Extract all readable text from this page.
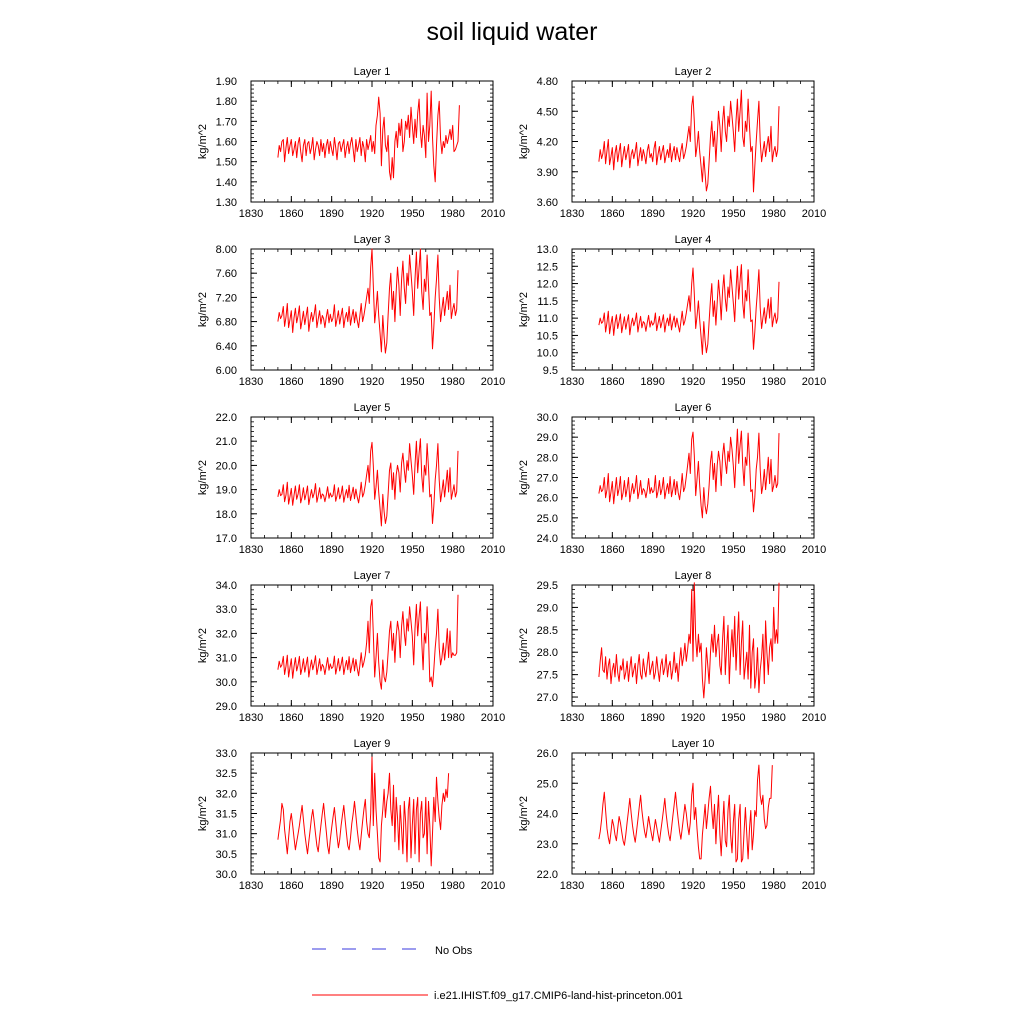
soil liquid water
Layer 1
kg/m^2
1830 1860 1890 1920 1950 1980 2010
1.30
1.40
1.50
1.60
1.70
1.80
1.90
Layer 2
kg/m^2
1830 1860 1890 1920 1950 1980 2010
3.60
3.90
4.20
4.50
4.80
Layer 3
kg/m^2
1830 1860 1890 1920 1950 1980 2010
6.00
6.40
6.80
7.20
7.60
8.00
Layer 4
kg/m^2
1830 1860 1890 1920 1950 1980 2010
9.5
10.0
10.5
11.0
11.5
12.0
12.5
13.0
Layer 5
kg/m^2
1830 1860 1890 1920 1950 1980 2010
17.0
18.0
19.0
20.0
21.0
22.0
Layer 6
kg/m^2
1830 1860 1890 1920 1950 1980 2010
24.0
25.0
26.0
27.0
28.0
29.0
30.0
Layer 7
kg/m^2
1830 1860 1890 1920 1950 1980 2010
29.0
30.0
31.0
32.0
33.0
34.0
Layer 8
kg/m^2
1830 1860 1890 1920 1950 1980 2010
27.0
27.5
28.0
28.5
29.0
29.5
Layer 9
kg/m^2
1830 1860 1890 1920 1950 1980 2010
30.0
30.5
31.0
31.5
32.0
32.5
33.0
Layer 10
kg/m^2
1830 1860 1890 1920 1950 1980 2010
22.0
23.0
24.0
25.0
26.0
No Obs
i.e21.IHIST.f09_g17.CMIP6-land-hist-princeton.001
